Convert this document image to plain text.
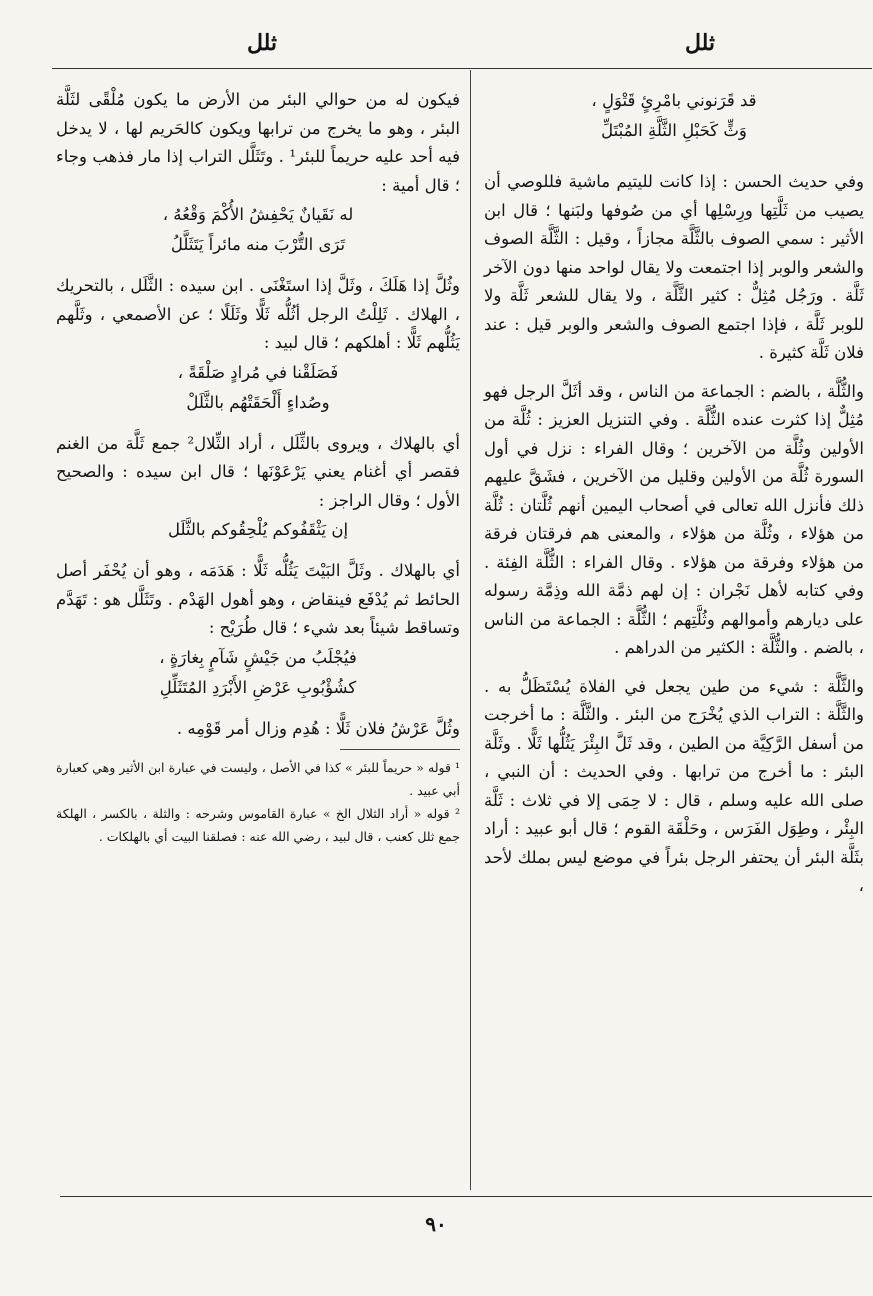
ثلل
ثلل
قد قَرَنوني بامْرِئٍ قَتْوَلٍ ،
وَثٍّ كَحَبْلِ الثَّلَّةِ المُبْتَلِّ

وفي حديث الحسن : إذا كانت لليتيم ماشية فللوصي أن يصيب من ثَلَّتِها ورِسْلِها أي من صُوفها ولبَنها ؛ قال ابن الأثير : سمي الصوف بالثَّلَّة مجازاً ، وقيل : الثَّلَّة الصوف والشعر والوبر إذا اجتمعت ولا يقال لواحد منها دون الآخر ثَلَّة . ورَجُل مُثِلٌّ : كثير الثَّلَّة ، ولا يقال للشعر ثَلَّة ولا للوبر ثَلَّة ، فإذا اجتمع الصوف والشعر والوبر قيل : عند فلان ثَلَّة كثيرة .

والثُّلَّة ، بالضم : الجماعة من الناس ، وقد أثَلَّ الرجل فهو مُثِلٌّ إذا كثرت عنده الثُّلَّة . وفي التنزيل العزيز : ثُلَّة من الأولين وثُلَّة من الآخرين ؛ وقال الفراء : نزل في أول السورة ثُلَّة من الأولين وقليل من الآخرين ، فشَقَّ عليهم ذلك فأنزل الله تعالى في أصحاب اليمين أنهم ثُلَّتان : ثُلَّة من هؤلاء ، وثُلَّة من هؤلاء ، والمعنى هم فرقتان فرقة من هؤلاء وفرقة من هؤلاء . وقال الفراء : الثُّلَّة الفِئة . وفي كتابه لأهل نَجْران : إن لهم ذمَّة الله وذِمَّة رسوله على ديارهم وأموالهم وثُلَّتِهم ؛ الثُّلَّة : الجماعة من الناس ، بالضم . والثُّلَّة : الكثير من الدراهم .

والثَّلَّة : شيء من طين يجعل في الفلاة يُسْتَظَلُّ به . والثَّلَّة : التراب الذي يُخْرَج من البئر . والثَّلَّة : ما أخرجت من أسفل الرَّكِيَّة من الطين ، وقد ثَلَّ البِئْرَ يَثُلُّها ثَلًّا . وثَلَّة البئر : ما أخرج من ترابها . وفي الحديث : أن النبي ، صلى الله عليه وسلم ، قال : لا حِمَى إلا في ثلاث : ثَلَّة البِئْر ، وطِوَل الفَرَس ، وحَلْقَة القوم ؛ قال أبو عبيد : أراد بثَلَّة البئر أن يحتفر الرجل بئراً في موضع ليس بملك لأحد ،

فيكون له من حوالي البئر من الأرض ما يكون مُلْقًى لثَلَّة البئر ، وهو ما يخرج من ترابها ويكون كالحَريم لها ، لا يدخل فيه أحد عليه حريماً للبئر¹ . وتَثَلَّل التراب إذا مار فذهب وجاء ؛ قال أمية :

له نَقَيانٌ يَحْفِشُ الأُكْمَ وَقْعُهُ ،
تَرَى التُّرْبَ منه مائراً يَتَثَلَّلُ

وثُلَّ إذا هَلَكَ ، وثَلَّ إذا استَغْنَى . ابن سيده : الثَّلَل ، بالتحريك ، الهلاك . ثَلِلْتُ الرجل أثُلُّه ثَلًّا وثَلَلًا ؛ عن الأصمعي ، وثَلَّهم يَثُلُّهم ثَلًّا : أهلكهم ؛ قال لبيد :

فَصَلَقْنا في مُرادٍ صَلْقَةً ،
وصُداءٍ أَلْحَقَتْهُم بالثَّلَلْ

أي بالهلاك ، ويروى بالثِّلَل ، أراد الثِّلال² جمع ثَلَّة من الغنم فقصر أي أغنام يعني يَرْعَوْنَها ؛ قال ابن سيده : والصحيح الأول ؛ وقال الراجز :

إن يَثْقَفُوكم يُلْحِقُوكم بالثَّلَل

أي بالهلاك . وثَلَّ البَيْتَ يَثُلُّه ثَلًّا : هَدَمَه ، وهو أن يُحْفَر أصل الحائط ثم يُدْفَع فينقاض ، وهو أهول الهَدْم . وتَثَلَّل هو : تَهَدَّم وتساقط شيئاً بعد شيء ؛ قال طُرَيْح :

فيُجْلَبُ من جَيْشٍ شَآمٍ بِغارَةٍ ،
كشُؤْبُوبِ عَرْضِ الأَبْرَدِ المُتَثَلِّلِ

وثُلَّ عَرْشُ فلان ثَلًّا : هُدِم وزال أمر قَوْمِه .

¹ قوله « حريماً للبئر » كذا في الأصل ، وليست في عبارة ابن الأثير وهي كعبارة أبي عبيد .

² قوله « أراد الثلال الخ » عبارة القاموس وشرحه : والثلة ، بالكسر ، الهلكة جمع ثلل كعنب ، قال لبيد ، رضي الله عنه : فصلقنا البيت أي بالهلكات .

٩٠
